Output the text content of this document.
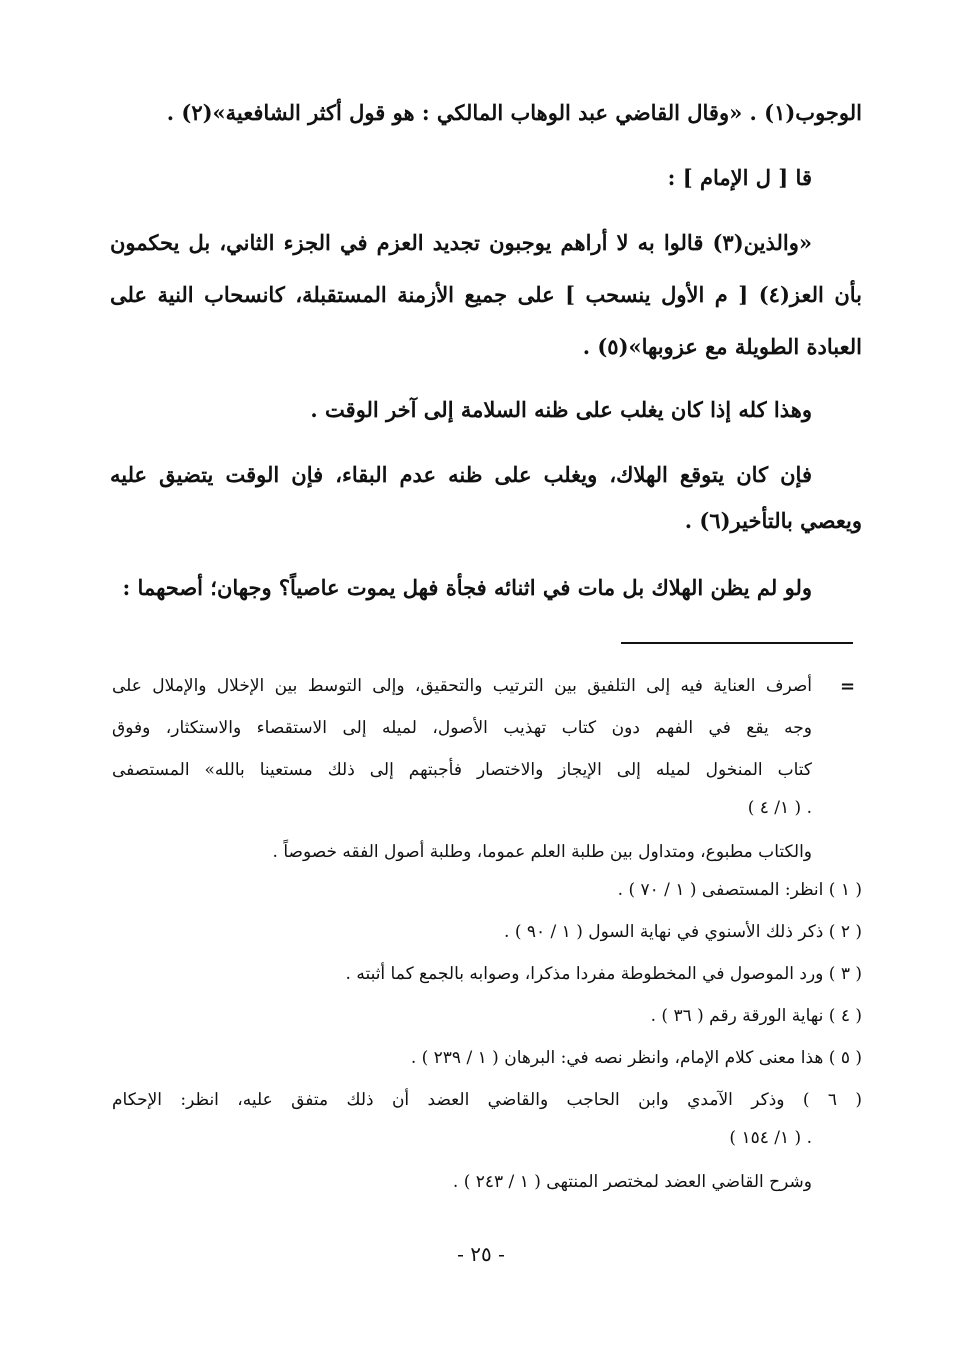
الوجوب(١) . «وقال القاضي عبد الوهاب المالكي : هو قول أكثر الشافعية»(٢) .
قا [ ل الإمام ] :
«والذين(٣) قالوا به لا أراهم يوجبون تجديد العزم في الجزء الثاني، بل يحكمون
بأن العز(٤) [ م الأول ينسحب ] على جميع الأزمنة المستقبلة، كانسحاب النية على
العبادة الطويلة مع عزوبها»(٥) .
وهذا كله إذا كان يغلب على ظنه السلامة إلى آخر الوقت .
فإن كان يتوقع الهلاك، ويغلب على ظنه عدم البقاء، فإن الوقت يتضيق عليه
ويعصي بالتأخير(٦) .
ولو لم يظن الهلاك بل مات في اثنائه فجأة فهل يموت عاصياً؟ وجهان؛ أصحهما :
=
أصرف العناية فيه إلى التلفيق بين الترتيب والتحقيق، وإلى التوسط بين الإخلال والإملال على
وجه يقع في الفهم دون كتاب تهذيب الأصول، لميله إلى الاستقصاء والاستكثار، وفوق
كتاب المنخول لميله إلى الإيجاز والاختصار فأجبتهم إلى ذلك مستعينا بالله» المستصفى
( ١/ ٤ ) .
والكتاب مطبوع، ومتداول بين طلبة العلم عموما، وطلبة أصول الفقه خصوصاً .
( ١ ) انظر: المستصفى ( ١ / ٧٠ ) .
( ٢ ) ذكر ذلك الأسنوي في نهاية السول ( ١ / ٩٠ ) .
( ٣ ) ورد الموصول في المخطوطة مفردا مذكرا، وصوابه بالجمع كما أثبته .
( ٤ ) نهاية الورقة رقم ( ٣٦ ) .
( ٥ ) هذا معنى كلام الإمام، وانظر نصه في: البرهان ( ١ / ٢٣٩ ) .
( ٦ ) وذكر الآمدي وابن الحاجب والقاضي العضد أن ذلك متفق عليه، انظر: الإحكام
( ١/ ١٥٤ ) .
وشرح القاضي العضد لمختصر المنتهى ( ١ / ٢٤٣ ) .
- ٢٥ -
